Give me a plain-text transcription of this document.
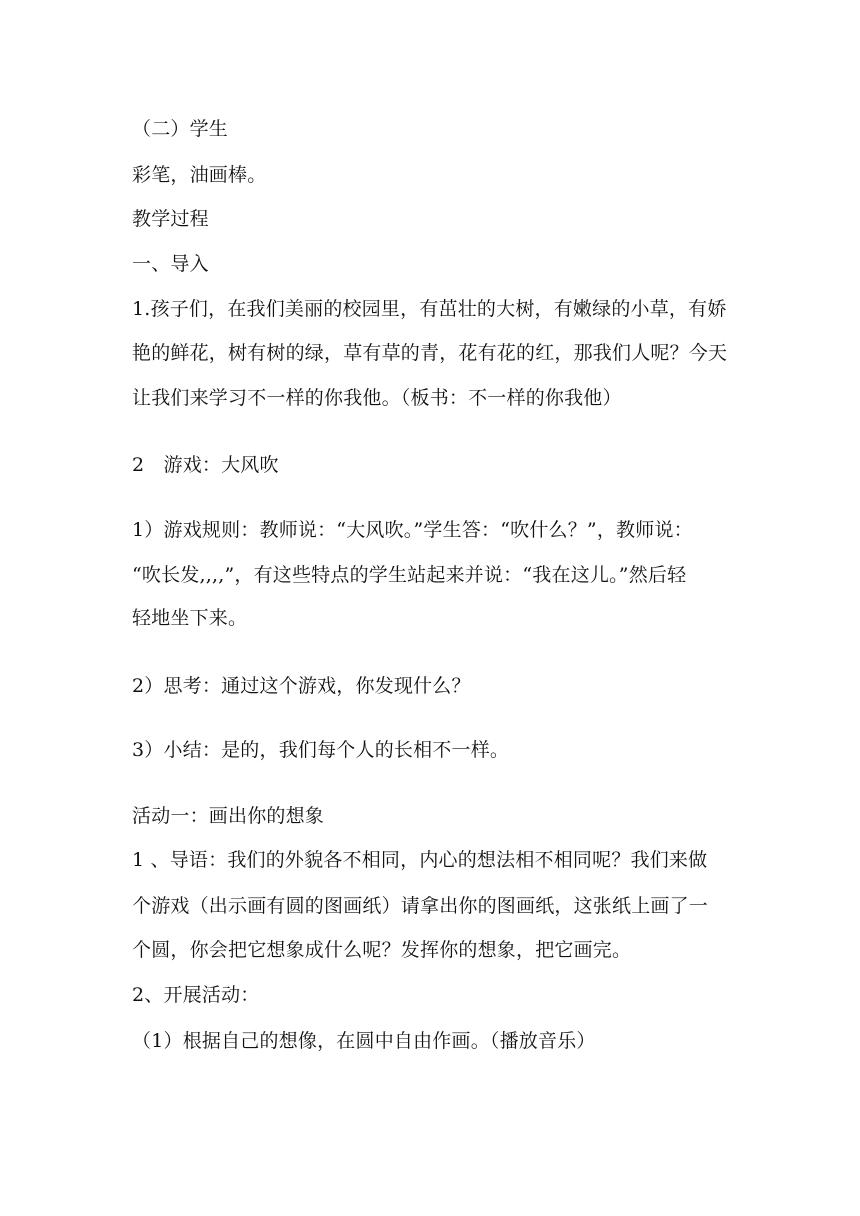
（二）学生
彩笔，油画棒。
教学过程
一、导入
1.孩子们，在我们美丽的校园里，有茁壮的大树，有嫩绿的小草，有娇
艳的鲜花，树有树的绿，草有草的青，花有花的红，那我们人呢？今天
让我们来学习不一样的你我他。（板书：不一样的你我他）
2　游戏：大风吹
1）游戏规则：教师说：“大风吹。”学生答：“吹什么？”，教师说：
“吹长发,,,,”，有这些特点的学生站起来并说：“我在这儿。”然后轻
轻地坐下来。
2）思考：通过这个游戏，你发现什么？
3）小结：是的，我们每个人的长相不一样。
活动一：画出你的想象
1 、导语：我们的外貌各不相同，内心的想法相不相同呢？我们来做
个游戏（出示画有圆的图画纸）请拿出你的图画纸，这张纸上画了一
个圆，你会把它想象成什么呢？发挥你的想象，把它画完。
2、开展活动：
（1）根据自己的想像，在圆中自由作画。（播放音乐）
